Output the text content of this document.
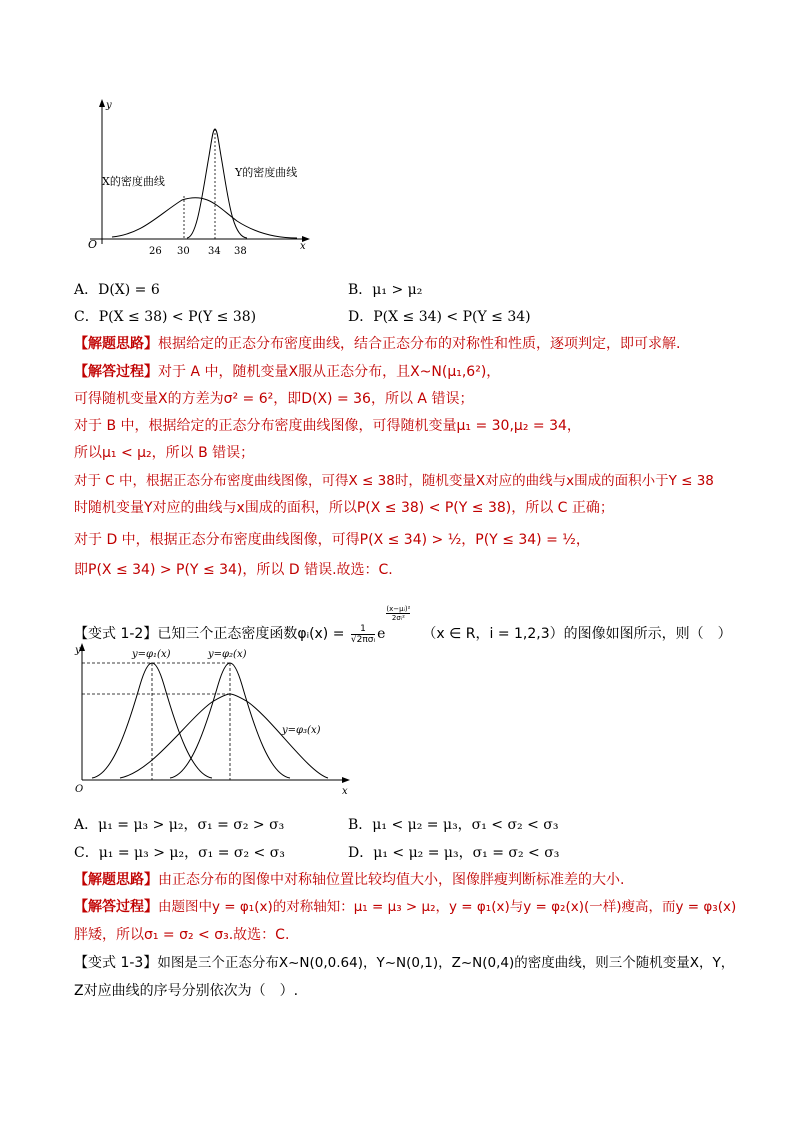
y
x
O
26 30 34 38
X的密度曲线
Y的密度曲线
A．D(X) = 6	B．μ₁ > μ₂
C．P(X ≤ 38) < P(Y ≤ 38)	D．P(X ≤ 34) < P(Y ≤ 34)
【解题思路】根据给定的正态分布密度曲线，结合正态分布的对称性和性质，逐项判定，即可求解.
【解答过程】对于 A 中，随机变量X服从正态分布，且X~N(μ₁,6²)，
可得随机变量X的方差为σ² = 6²，即D(X) = 36，所以 A 错误；
对于 B 中，根据给定的正态分布密度曲线图像，可得随机变量μ₁ = 30,μ₂ = 34，
所以μ₁ < μ₂，所以 B 错误；
对于 C 中，根据正态分布密度曲线图像，可得X ≤ 38时，随机变量X对应的曲线与x围成的面积小于Y ≤ 38
时随机变量Y对应的曲线与x围成的面积，所以P(X ≤ 38) < P(Y ≤ 38)，所以 C 正确；
对于 D 中，根据正态分布密度曲线图像，可得P(X ≤ 34) > ½，P(Y ≤ 34) = ½，
即P(X ≤ 34) > P(Y ≤ 34)，所以 D 错误.故选：C.
【变式 1-2】已知三个正态密度函数φᵢ(x) =	1
√2πσᵢ e
$\frac{\text{(x−μᵢ)²}}{\text{2σᵢ²}}$
（x ∈ R，i = 1,2,3）的图像如图所示，则（　）
y
x
O
y=φ₁(x)	y=φ₂(x)
y=φ₃(x)
A．μ₁ = μ₃ > μ₂，σ₁ = σ₂ > σ₃	B．μ₁ < μ₂ = μ₃，σ₁ < σ₂ < σ₃
C．μ₁ = μ₃ > μ₂，σ₁ = σ₂ < σ₃	D．μ₁ < μ₂ = μ₃，σ₁ = σ₂ < σ₃
【解题思路】由正态分布的图像中对称轴位置比较均值大小，图像胖瘦判断标准差的大小.
【解答过程】由题图中y = φ₁(x)的对称轴知：μ₁ = μ₃ > μ₂，y = φ₁(x)与y = φ₂(x)(一样)瘦高，而y = φ₃(x)
胖矮，所以σ₁ = σ₂ < σ₃.故选：C.
【变式 1-3】如图是三个正态分布X~N(0,0.64)，Y~N(0,1)，Z~N(0,4)的密度曲线，则三个随机变量X，Y，
Z对应曲线的序号分别依次为（　）.
